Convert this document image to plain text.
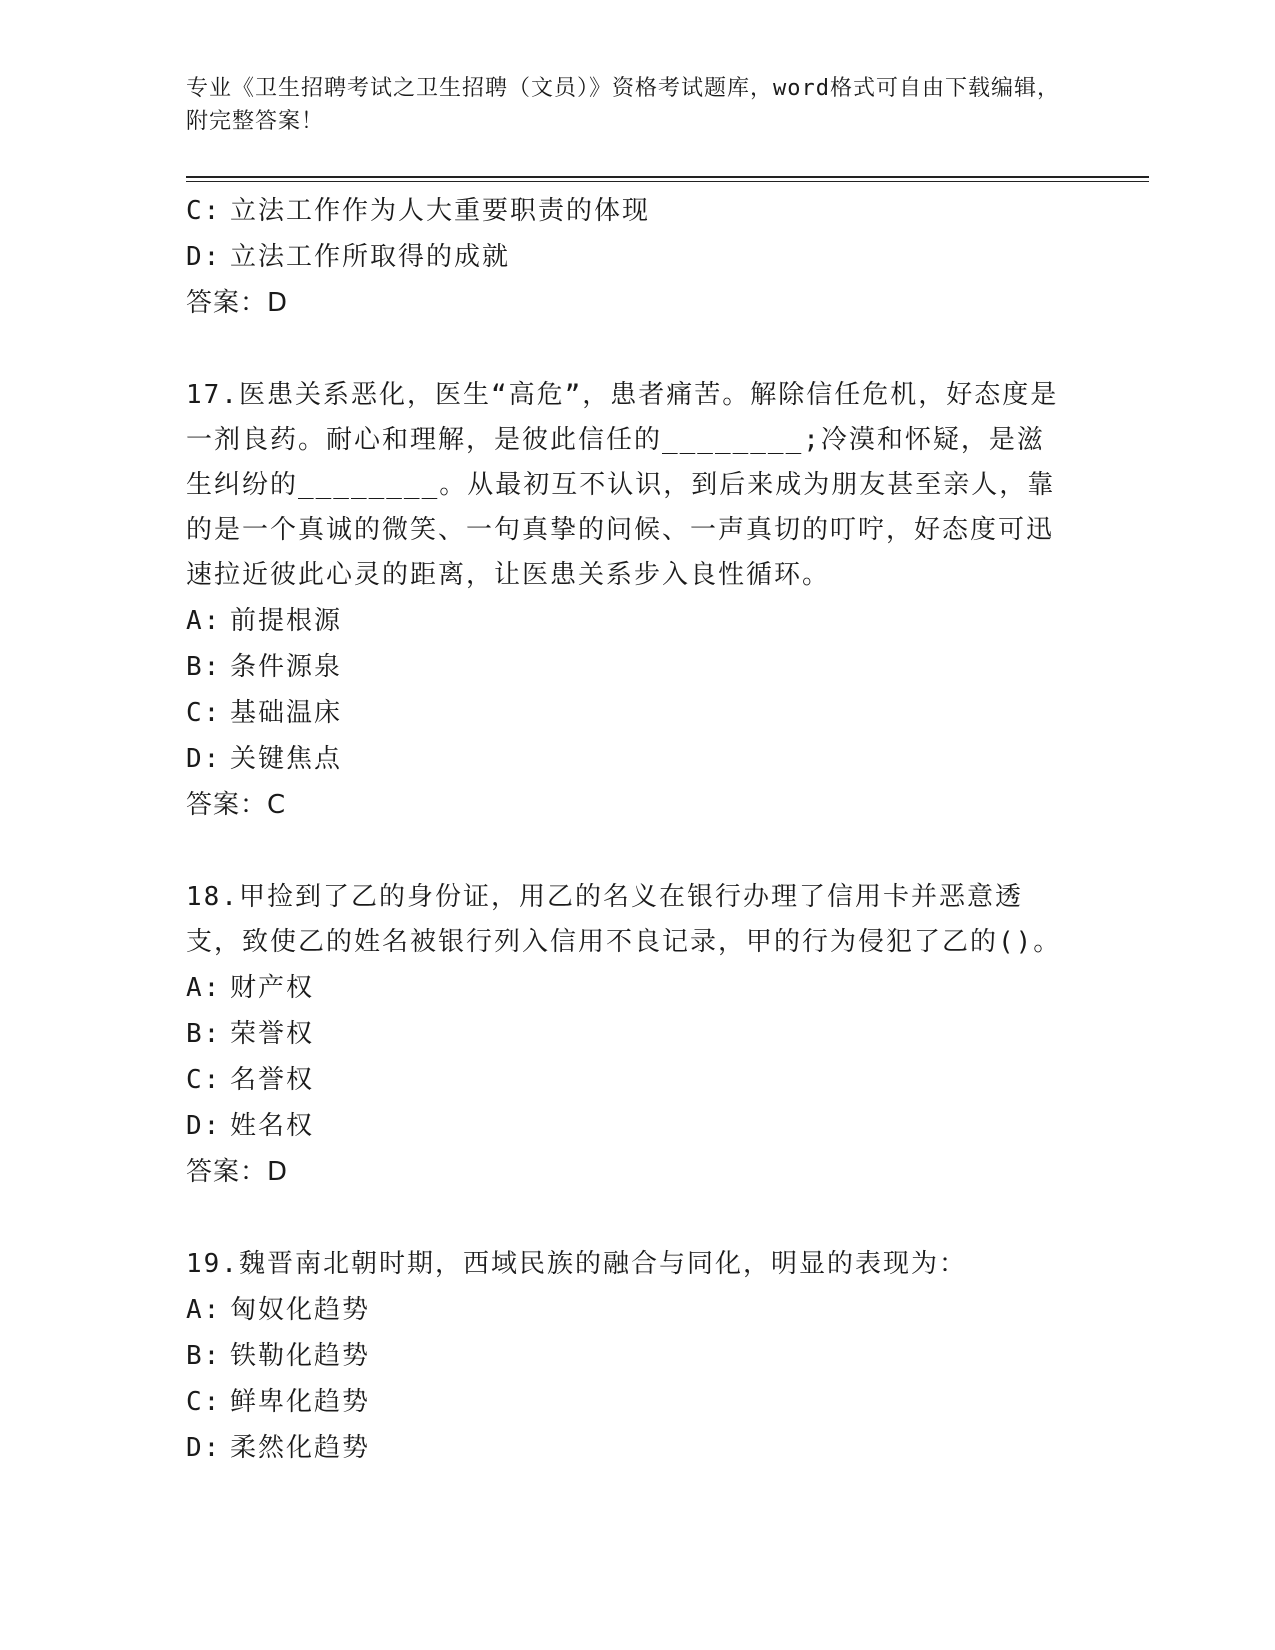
专业《卫生招聘考试之卫生招聘（文员）》资格考试题库，word格式可自由下载编辑，附完整答案！
C: 立法工作作为人大重要职责的体现
D: 立法工作所取得的成就
答案：D
17.医患关系恶化，医生“高危”，患者痛苦。解除信任危机，好态度是一剂良药。耐心和理解，是彼此信任的________;冷漠和怀疑，是滋生纠纷的________。从最初互不认识，到后来成为朋友甚至亲人，靠的是一个真诚的微笑、一句真挚的问候、一声真切的叮咛，好态度可迅速拉近彼此心灵的距离，让医患关系步入良性循环。
A: 前提根源
B: 条件源泉
C: 基础温床
D: 关键焦点
答案：C
18.甲捡到了乙的身份证，用乙的名义在银行办理了信用卡并恶意透支，致使乙的姓名被银行列入信用不良记录，甲的行为侵犯了乙的()。
A: 财产权
B: 荣誉权
C: 名誉权
D: 姓名权
答案：D
19.魏晋南北朝时期，西域民族的融合与同化，明显的表现为：
A: 匈奴化趋势
B: 铁勒化趋势
C: 鲜卑化趋势
D: 柔然化趋势
